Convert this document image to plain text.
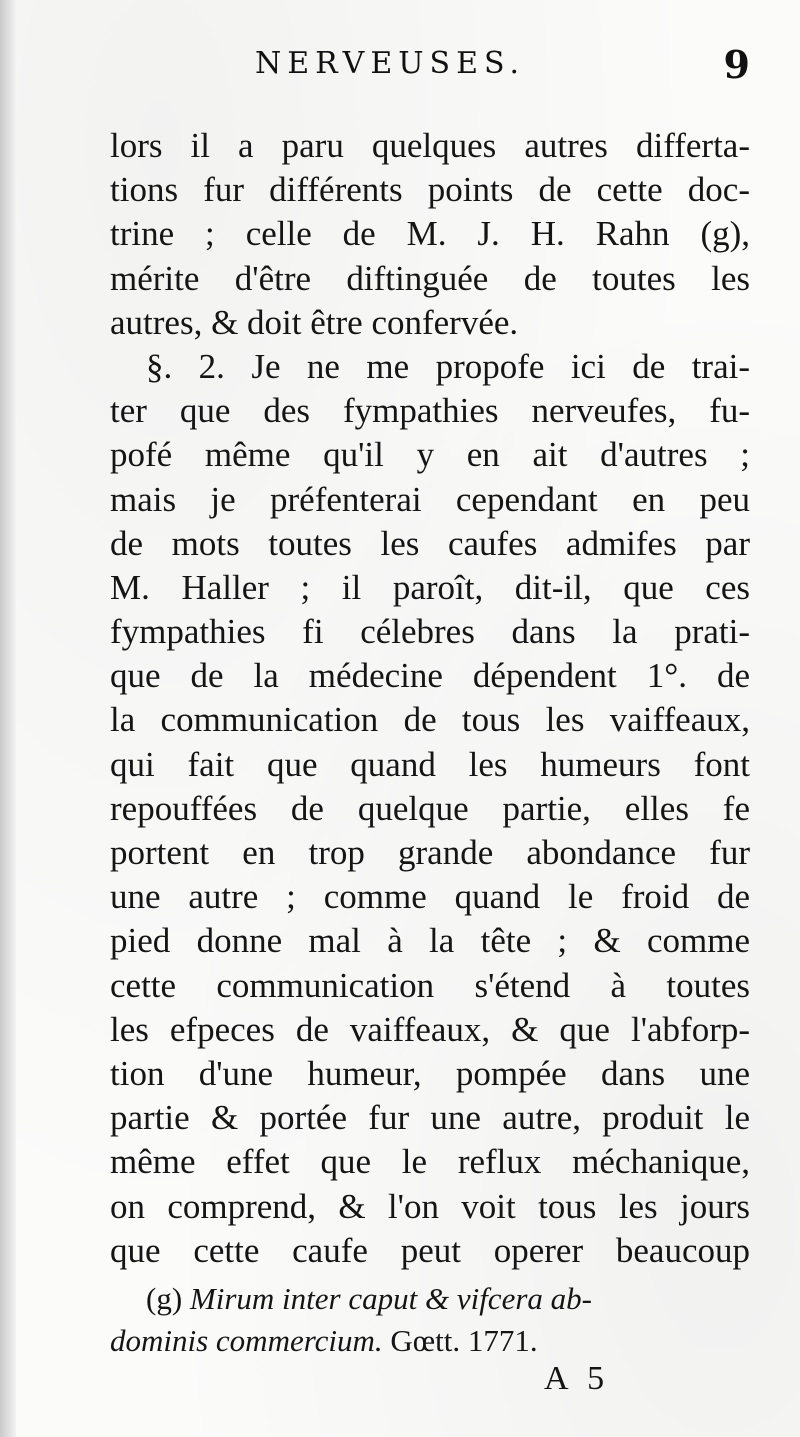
NERVEUSES.	9
lors il a paru quelques autres differta-
tions fur différents points de cette doc-
trine ; celle de M. J. H. Rahn (g),
mérite d'être diftinguée de toutes les
autres, & doit être confervée.
§. 2. Je ne me propofe ici de trai-
ter que des fympathies nerveufes, fu-
pofé même qu'il y en ait d'autres ;
mais je préfenterai cependant en peu
de mots toutes les caufes admifes par
M. Haller ; il paroît, dit-il, que ces
fympathies fi célebres dans la prati-
que de la médecine dépendent 1°. de
la communication de tous les vaiffeaux,
qui fait que quand les humeurs font
repouffées de quelque partie, elles fe
portent en trop grande abondance fur
une autre ; comme quand le froid de
pied donne mal à la tête ; & comme
cette communication s'étend à toutes
les efpeces de vaiffeaux, & que l'abforp-
tion d'une humeur, pompée dans une
partie & portée fur une autre, produit le
même effet que le reflux méchanique,
on comprend, & l'on voit tous les jours
que cette caufe peut operer beaucoup
(g) Mirum inter caput & vifcera ab-
dominis commercium. Gœtt. 1771.
A 5
